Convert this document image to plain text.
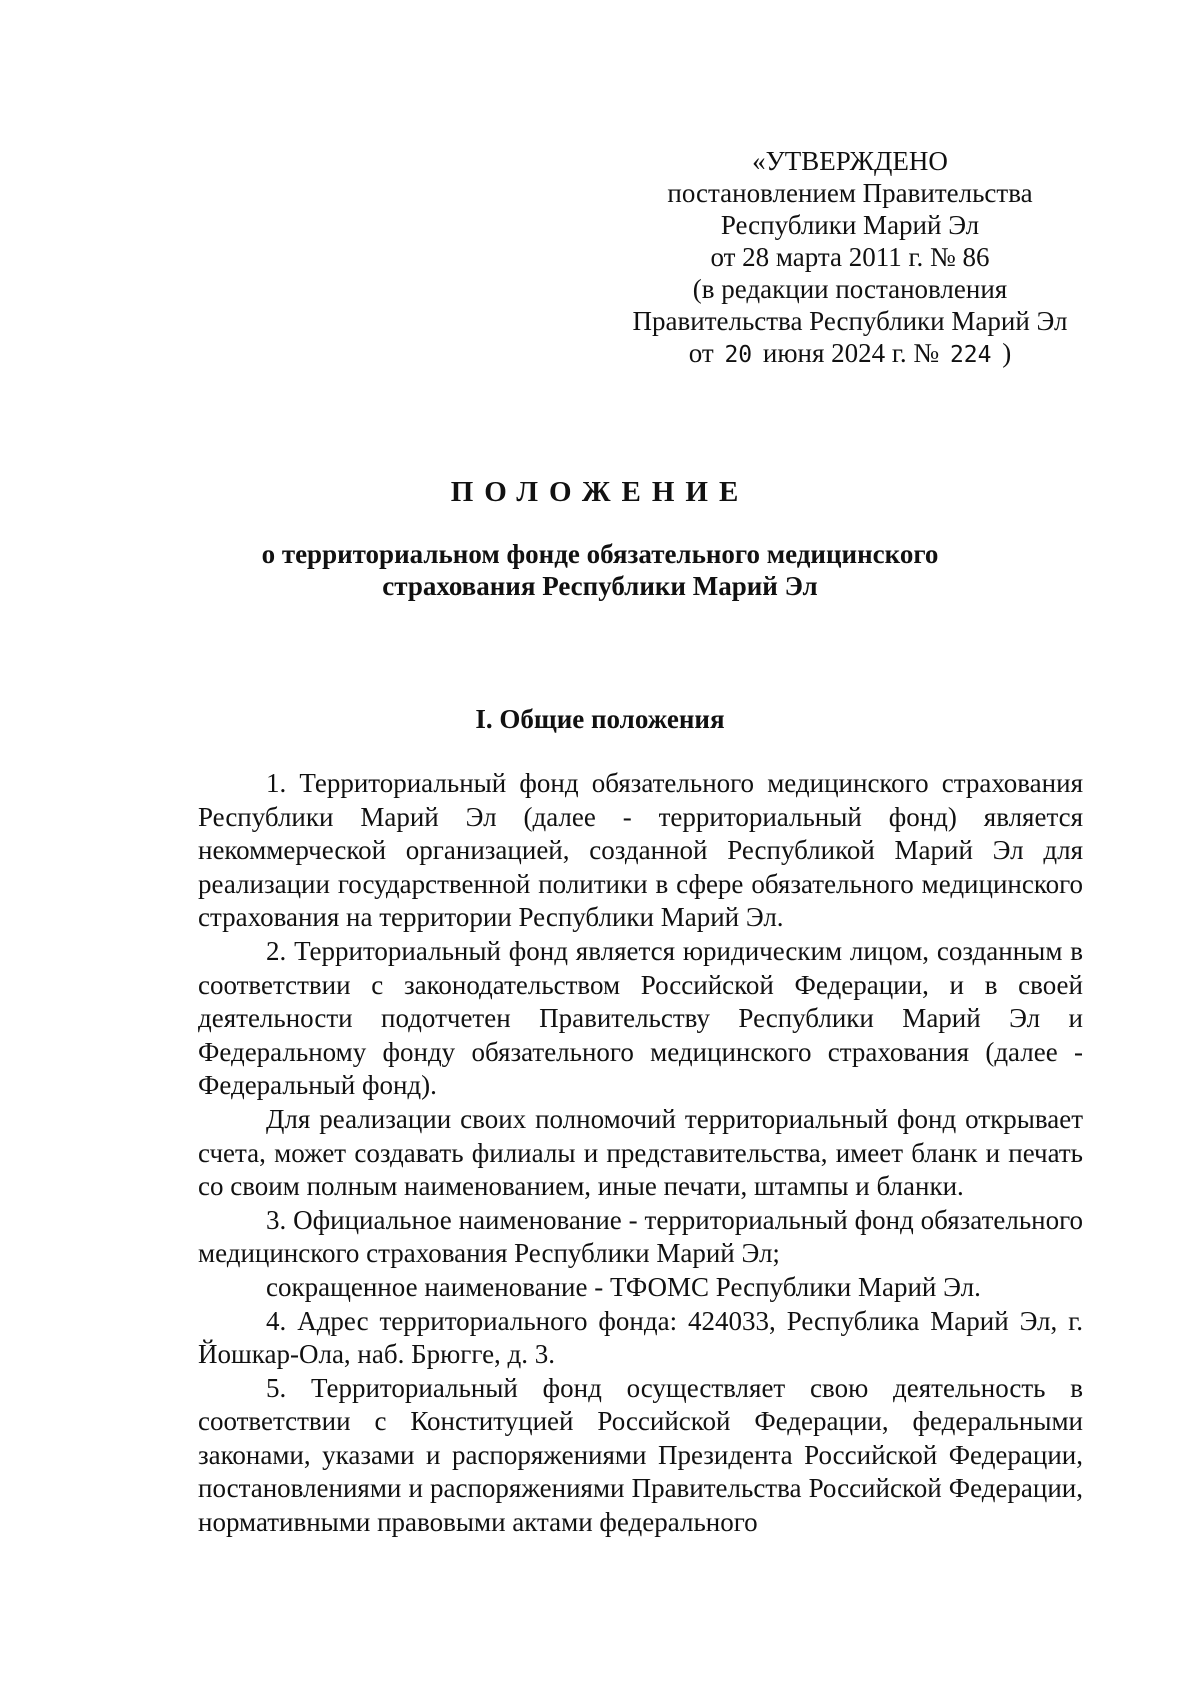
«УТВЕРЖДЕНО
постановлением Правительства
Республики Марий Эл
от 28 марта 2011 г. № 86
(в редакции постановления
Правительства Республики Марий Эл
от 20 июня 2024 г. № 224 )
ПОЛОЖЕНИЕ
о территориальном фонде обязательного медицинского
страхования Республики Марий Эл
I. Общие положения

1. Территориальный фонд обязательного медицинского страхования Республики Марий Эл (далее - территориальный фонд) является некоммерческой организацией, созданной Республикой Марий Эл для реализации государственной политики в сфере обязательного медицинского страхования на территории Республики Марий Эл.

2. Территориальный фонд является юридическим лицом, созданным в соответствии с законодательством Российской Федерации, и в своей деятельности подотчетен Правительству Республики Марий Эл и Федеральному фонду обязательного медицинского страхования (далее - Федеральный фонд).

Для реализации своих полномочий территориальный фонд открывает счета, может создавать филиалы и представительства, имеет бланк и печать со своим полным наименованием, иные печати, штампы и бланки.

3. Официальное наименование - территориальный фонд обязательного медицинского страхования Республики Марий Эл;

сокращенное наименование - ТФОМС Республики Марий Эл.

4. Адрес территориального фонда: 424033, Республика Марий Эл, г. Йошкар-Ола, наб. Брюгге, д. 3.

5. Территориальный фонд осуществляет свою деятельность в соответствии с Конституцией Российской Федерации, федеральными законами, указами и распоряжениями Президента Российской Федерации, постановлениями и распоряжениями Правительства Российской Федерации, нормативными правовыми актами федерального
